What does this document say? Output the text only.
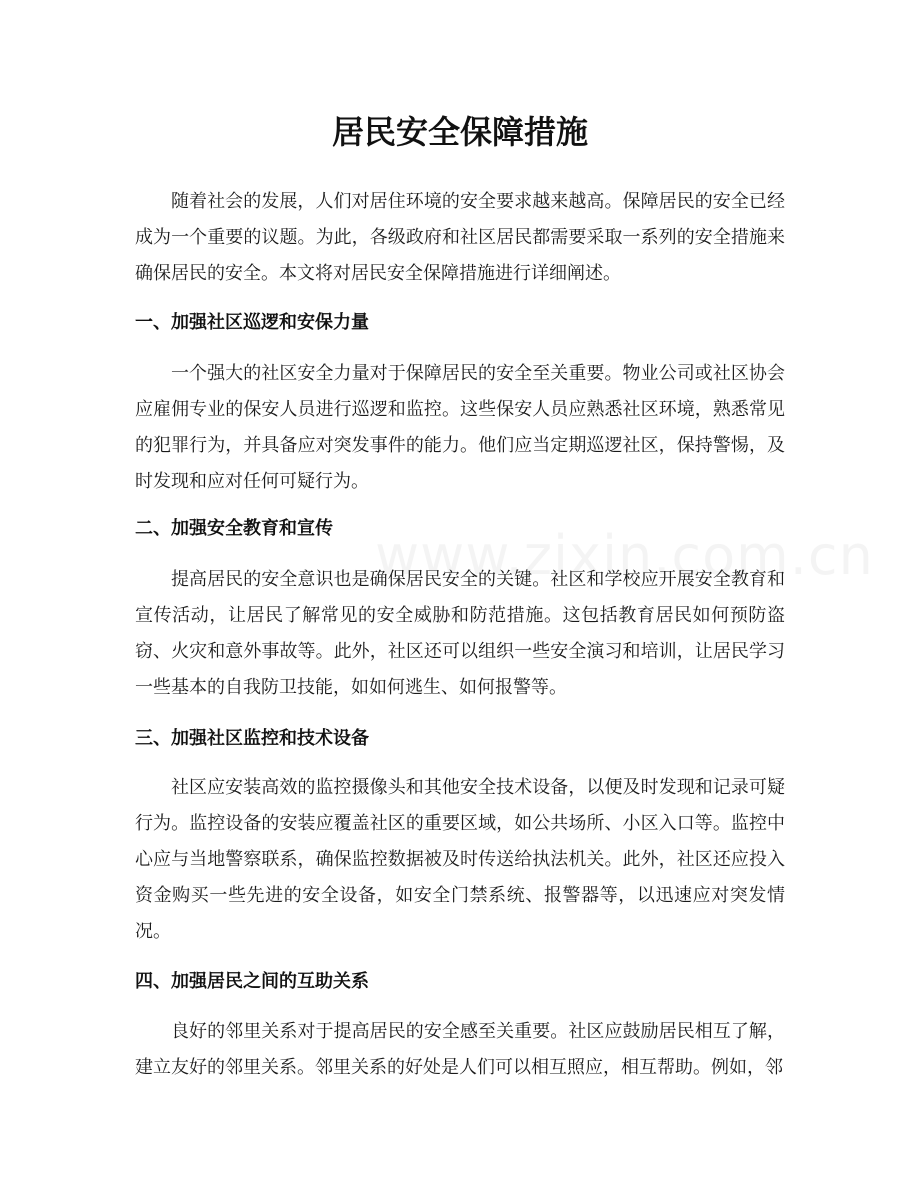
居民安全保障措施

随着社会的发展，人们对居住环境的安全要求越来越高。保障居民的安全已经成为一个重要的议题。为此，各级政府和社区居民都需要采取一系列的安全措施来确保居民的安全。本文将对居民安全保障措施进行详细阐述。

一、加强社区巡逻和安保力量

一个强大的社区安全力量对于保障居民的安全至关重要。物业公司或社区协会应雇佣专业的保安人员进行巡逻和监控。这些保安人员应熟悉社区环境，熟悉常见的犯罪行为，并具备应对突发事件的能力。他们应当定期巡逻社区，保持警惕，及时发现和应对任何可疑行为。

二、加强安全教育和宣传

提高居民的安全意识也是确保居民安全的关键。社区和学校应开展安全教育和宣传活动，让居民了解常见的安全威胁和防范措施。这包括教育居民如何预防盗窃、火灾和意外事故等。此外，社区还可以组织一些安全演习和培训，让居民学习一些基本的自我防卫技能，如如何逃生、如何报警等。

三、加强社区监控和技术设备

社区应安装高效的监控摄像头和其他安全技术设备，以便及时发现和记录可疑行为。监控设备的安装应覆盖社区的重要区域，如公共场所、小区入口等。监控中心应与当地警察联系，确保监控数据被及时传送给执法机关。此外，社区还应投入资金购买一些先进的安全设备，如安全门禁系统、报警器等，以迅速应对突发情况。

四、加强居民之间的互助关系

良好的邻里关系对于提高居民的安全感至关重要。社区应鼓励居民相互了解，建立友好的邻里关系。邻里关系的好处是人们可以相互照应，相互帮助。例如，邻
